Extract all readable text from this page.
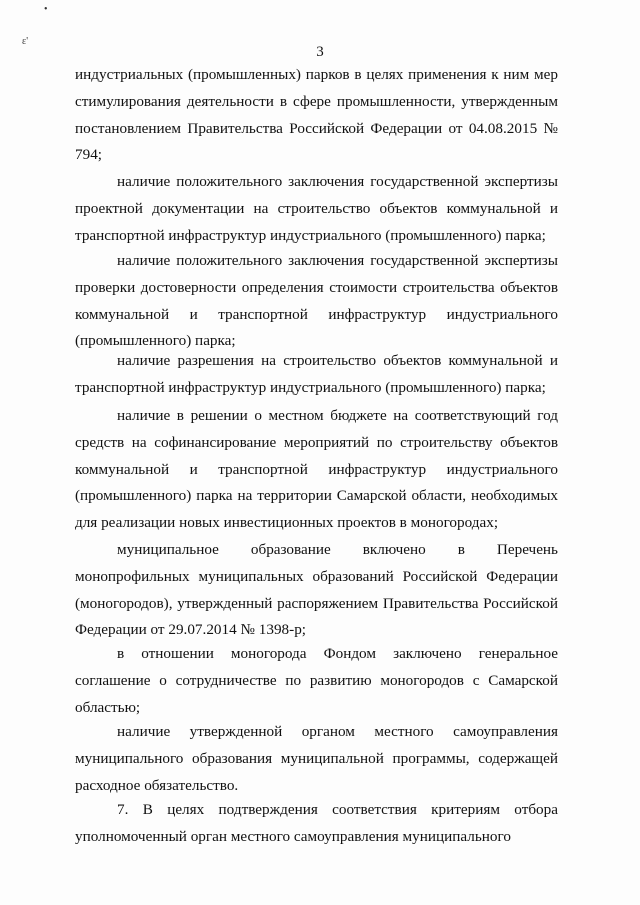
•
ɛ'
3

индустриальных (промышленных) парков в целях применения к ним мер стимулирования деятельности в сфере промышленности, утвержденным постановлением Правительства Российской Федерации от 04.08.2015 № 794;

наличие положительного заключения государственной экспертизы проектной документации на строительство объектов коммунальной и транспортной инфраструктур индустриального (промышленного) парка;

наличие положительного заключения государственной экспертизы проверки достоверности определения стоимости строительства объектов коммунальной и транспортной инфраструктур индустриального (промышленного) парка;

наличие разрешения на строительство объектов коммунальной и транспортной инфраструктур индустриального (промышленного) парка;

наличие в решении о местном бюджете на соответствующий год средств на софинансирование мероприятий по строительству объектов коммунальной и транспортной инфраструктур индустриального (промышленного) парка на территории Самарской области, необходимых для реализации новых инвестиционных проектов в моногородах;

муниципальное образование включено в Перечень монопрофильных муниципальных образований Российской Федерации (моногородов), утвержденный распоряжением Правительства Российской Федерации от 29.07.2014 № 1398-р;

в отношении моногорода Фондом заключено генеральное соглашение о сотрудничестве по развитию моногородов с Самарской областью;

наличие утвержденной органом местного самоуправления муниципального образования муниципальной программы, содержащей расходное обязательство.

7. В целях подтверждения соответствия критериям отбора уполномоченный орган местного самоуправления муниципального
